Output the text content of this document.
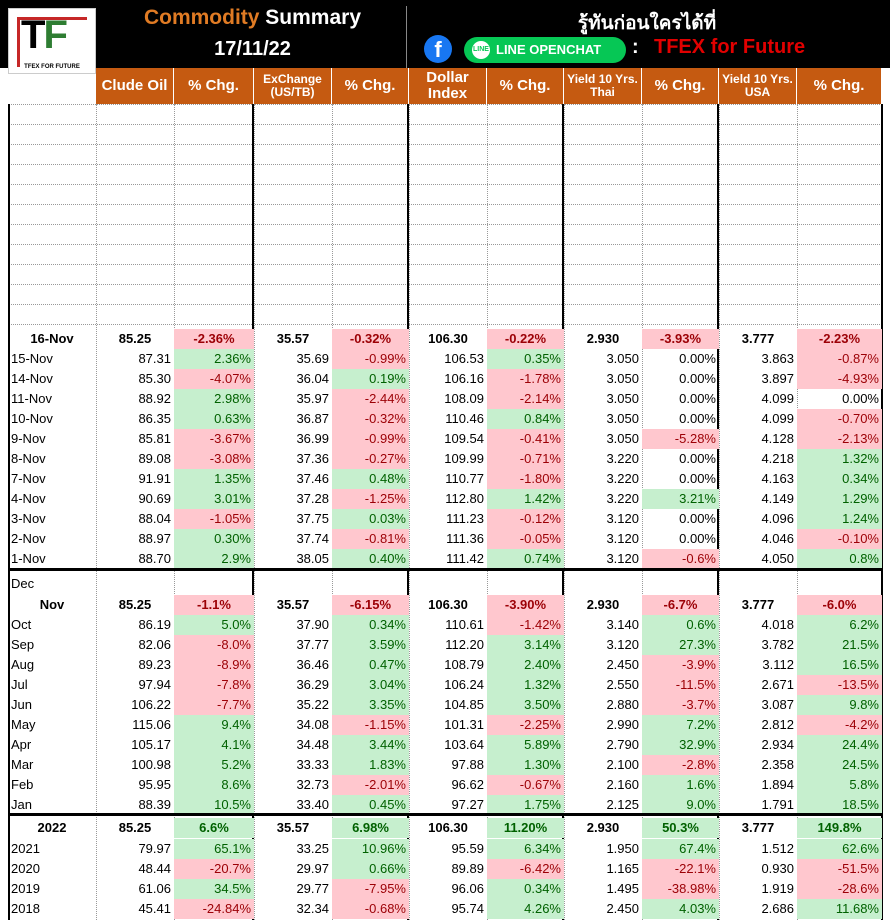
TF
TFEX FOR FUTURE
Commodity Summary
17/11/22
รู้ทันก่อนใครได้ที่
f	LINE LINE OPENCHAT : TFEX for Future
Clude Oil	% Chg.	ExChange (US/TB)	% Chg.	Dollar Index	% Chg.	Yield 10 Yrs. Thai	% Chg.	Yield 10 Yrs. USA	% Chg.
16-Nov	85.25	-2.36%	35.57	-0.32%	106.30	-0.22%	2.930	-3.93%	3.777	-2.23%
15-Nov	87.31	2.36%	35.69	-0.99%	106.53	0.35%	3.050	0.00%	3.863	-0.87%
14-Nov	85.30	-4.07%	36.04	0.19%	106.16	-1.78%	3.050	0.00%	3.897	-4.93%
11-Nov	88.92	2.98%	35.97	-2.44%	108.09	-2.14%	3.050	0.00%	4.099	0.00%
10-Nov	86.35	0.63%	36.87	-0.32%	110.46	0.84%	3.050	0.00%	4.099	-0.70%
9-Nov	85.81	-3.67%	36.99	-0.99%	109.54	-0.41%	3.050	-5.28%	4.128	-2.13%
8-Nov	89.08	-3.08%	37.36	-0.27%	109.99	-0.71%	3.220	0.00%	4.218	1.32%
7-Nov	91.91	1.35%	37.46	0.48%	110.77	-1.80%	3.220	0.00%	4.163	0.34%
4-Nov	90.69	3.01%	37.28	-1.25%	112.80	1.42%	3.220	3.21%	4.149	1.29%
3-Nov	88.04	-1.05%	37.75	0.03%	111.23	-0.12%	3.120	0.00%	4.096	1.24%
2-Nov	88.97	0.30%	37.74	-0.81%	111.36	-0.05%	3.120	0.00%	4.046	-0.10%
1-Nov	88.70	2.9%	38.05	0.40%	111.42	0.74%	3.120	-0.6%	4.050	0.8%
Dec
Nov	85.25	-1.1%	35.57	-6.15%	106.30	-3.90%	2.930	-6.7%	3.777	-6.0%
Oct	86.19	5.0%	37.90	0.34%	110.61	-1.42%	3.140	0.6%	4.018	6.2%
Sep	82.06	-8.0%	37.77	3.59%	112.20	3.14%	3.120	27.3%	3.782	21.5%
Aug	89.23	-8.9%	36.46	0.47%	108.79	2.40%	2.450	-3.9%	3.112	16.5%
Jul	97.94	-7.8%	36.29	3.04%	106.24	1.32%	2.550	-11.5%	2.671	-13.5%
Jun	106.22	-7.7%	35.22	3.35%	104.85	3.50%	2.880	-3.7%	3.087	9.8%
May	115.06	9.4%	34.08	-1.15%	101.31	-2.25%	2.990	7.2%	2.812	-4.2%
Apr	105.17	4.1%	34.48	3.44%	103.64	5.89%	2.790	32.9%	2.934	24.4%
Mar	100.98	5.2%	33.33	1.83%	97.88	1.30%	2.100	-2.8%	2.358	24.5%
Feb	95.95	8.6%	32.73	-2.01%	96.62	-0.67%	2.160	1.6%	1.894	5.8%
Jan	88.39	10.5%	33.40	0.45%	97.27	1.75%	2.125	9.0%	1.791	18.5%
2022	85.25	6.6%	35.57	6.98%	106.30	11.20%	2.930	50.3%	3.777	149.8%
2021	79.97	65.1%	33.25	10.96%	95.59	6.34%	1.950	67.4%	1.512	62.6%
2020	48.44	-20.7%	29.97	0.66%	89.89	-6.42%	1.165	-22.1%	0.930	-51.5%
2019	61.06	34.5%	29.77	-7.95%	96.06	0.34%	1.495	-38.98%	1.919	-28.6%
2018	45.41	-24.84%	32.34	-0.68%	95.74	4.26%	2.450	4.03%	2.686	11.68%
